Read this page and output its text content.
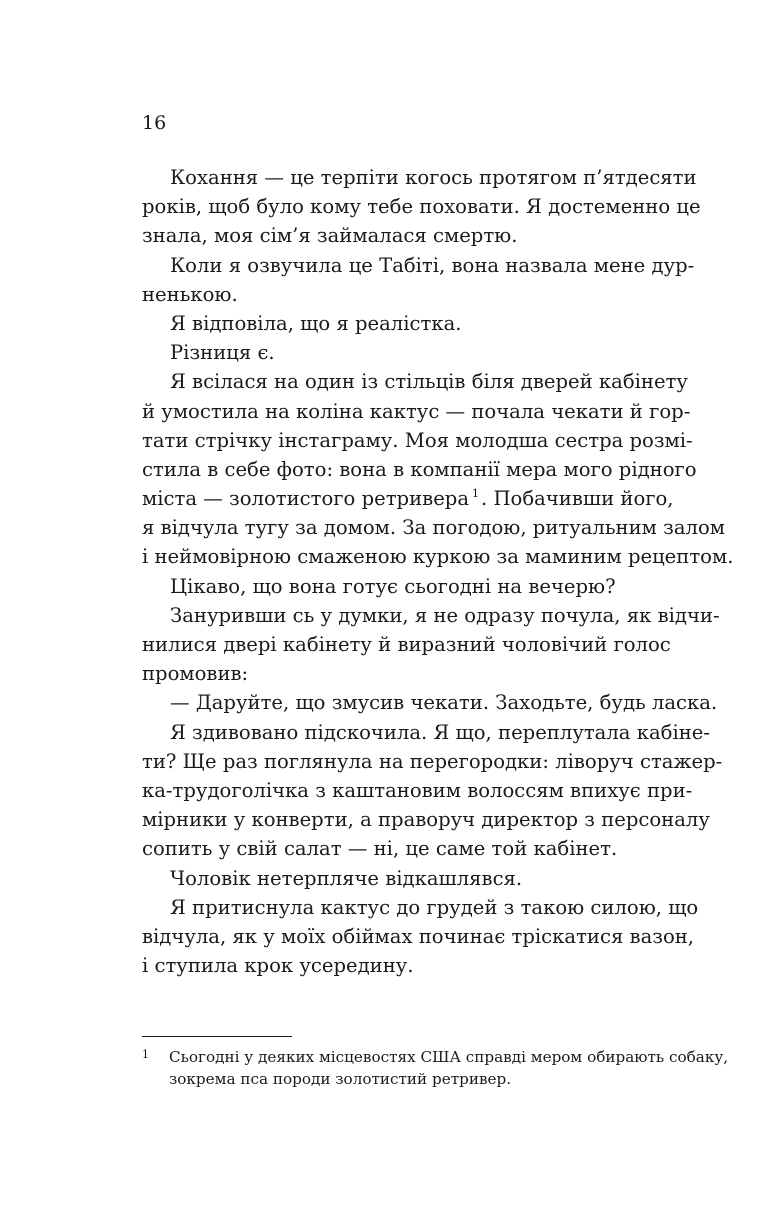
16
Кохання — це терпіти когось протягом п’ятдесяти
років, щоб було кому тебе поховати. Я достеменно це
знала, моя сім’я займалася смертю.
Коли я озвучила це Табіті, вона назвала мене дур-
ненькою.
Я відповіла, що я реалістка.
Різниця є.
Я всілася на один із стільців біля дверей кабінету
й умостила на коліна кактус — почала чекати й гор-
тати стрічку інстаграму. Моя молодша сестра розмі-
стила в себе фото: вона в компанії мера мого рідного
міста — золотистого ретривера $^1$ . Побачивши його,
я відчула тугу за домом. За погодою, ритуальним залом
і неймовірною смаженою куркою за маминим рецептом.
Цікаво, що вона готує сьогодні на вечерю?
Зануривши сь у думки, я не одразу почула, як відчи-
нилися двері кабінету й виразний чоловічий голос
промовив:
— Даруйте, що змусив чекати. Заходьте, будь ласка.
Я здивовано підскочила. Я що, переплутала кабіне-
ти? Ще раз поглянула на перегородки: ліворуч стажер-
ка-трудоголічка з каштановим волоссям впихує при-
мірники у конверти, а праворуч директор з персоналу
сопить у свій салат — ні, це саме той кабінет.
Чоловік нетерпляче відкашлявся.
Я притиснула кактус до грудей з такою силою, що
відчула, як у моїх обіймах починає тріскатися вазон,
і ступила крок усередину.
1	Сьогодні у деяких місцевостях США справді мером обирають собаку,
зокрема пса породи золотистий ретривер.
